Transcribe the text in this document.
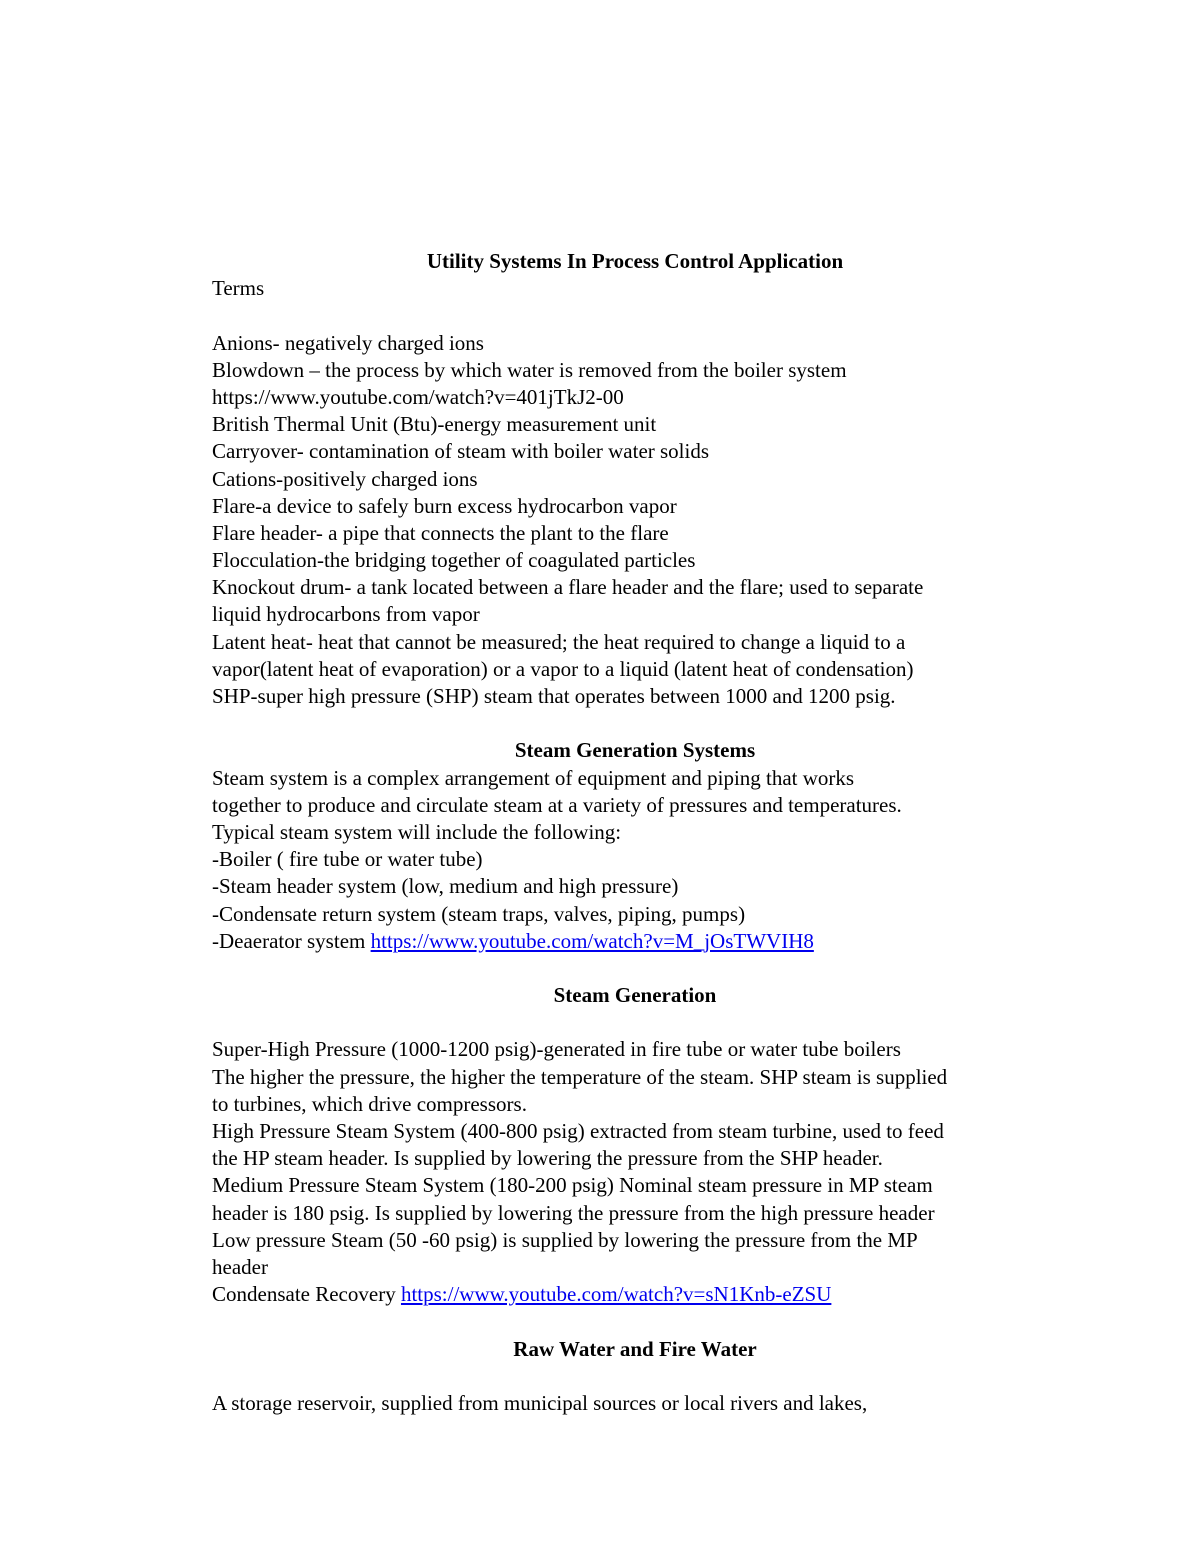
Utility Systems In Process Control Application
Terms
Anions- negatively charged ions
Blowdown – the process by which water is removed from the boiler system
https://www.youtube.com/watch?v=401jTkJ2-00
British Thermal Unit (Btu)-energy measurement unit
Carryover- contamination of steam with boiler water solids
Cations-positively charged ions
Flare-a device to safely burn excess hydrocarbon vapor
Flare header- a pipe that connects the plant to the flare
Flocculation-the bridging together of coagulated particles
Knockout drum- a tank located between a flare header and the flare; used to separate
liquid hydrocarbons from vapor
Latent heat- heat that cannot be measured; the heat required to change a liquid to a
vapor(latent heat of evaporation) or a vapor to a liquid (latent heat of condensation)
SHP-super high pressure (SHP) steam that operates between 1000 and 1200 psig.
Steam Generation Systems
Steam system is a complex arrangement of equipment and piping that works
together to produce and circulate steam at a variety of pressures and temperatures.
Typical steam system will include the following:
-Boiler ( fire tube or water tube)
-Steam header system (low, medium and high pressure)
-Condensate return system (steam traps, valves, piping, pumps)
-Deaerator system https://www.youtube.com/watch?v=M_jOsTWVIH8
Steam Generation
Super-High Pressure (1000-1200 psig)-generated in fire tube or water tube boilers
The higher the pressure, the higher the temperature of the steam. SHP steam is supplied
to turbines, which drive compressors.
High Pressure Steam System (400-800 psig) extracted from steam turbine, used to feed
the HP steam header. Is supplied by lowering the pressure from the SHP header.
Medium Pressure Steam System (180-200 psig) Nominal steam pressure in MP steam
header is 180 psig. Is supplied by lowering the pressure from the high pressure header
Low pressure Steam (50 -60 psig) is supplied by lowering the pressure from the MP
header
Condensate Recovery https://www.youtube.com/watch?v=sN1Knb-eZSU
Raw Water and Fire Water
A storage reservoir, supplied from municipal sources or local rivers and lakes,
